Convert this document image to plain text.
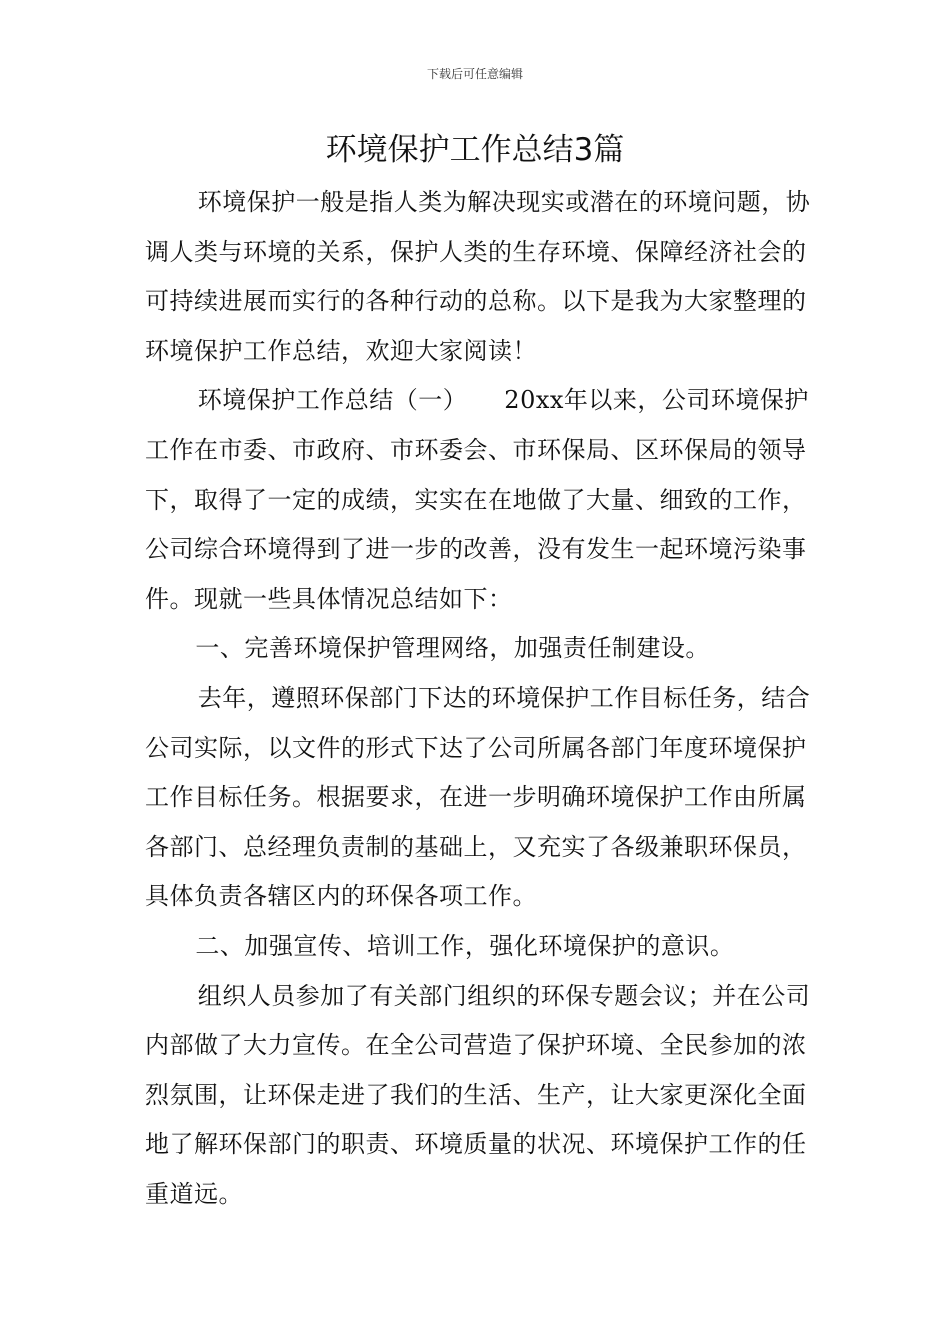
下载后可任意编辑
环境保护工作总结3篇

环境保护一般是指人类为解决现实或潜在的环境问题，协调人类与环境的关系，保护人类的生存环境、保障经济社会的可持续进展而实行的各种行动的总称。以下是我为大家整理的环境保护工作总结，欢迎大家阅读！

环境保护工作总结（一）　　20xx年以来，公司环境保护工作在市委、市政府、市环委会、市环保局、区环保局的领导下，取得了一定的成绩，实实在在地做了大量、细致的工作，公司综合环境得到了进一步的改善，没有发生一起环境污染事件。现就一些具体情况总结如下：

一、完善环境保护管理网络，加强责任制建设。

去年，遵照环保部门下达的环境保护工作目标任务，结合公司实际，以文件的形式下达了公司所属各部门年度环境保护工作目标任务。根据要求，在进一步明确环境保护工作由所属各部门、总经理负责制的基础上，又充实了各级兼职环保员，具体负责各辖区内的环保各项工作。

二、加强宣传、培训工作，强化环境保护的意识。

组织人员参加了有关部门组织的环保专题会议；并在公司内部做了大力宣传。在全公司营造了保护环境、全民参加的浓烈氛围，让环保走进了我们的生活、生产，让大家更深化全面地了解环保部门的职责、环境质量的状况、环境保护工作的任重道远。
